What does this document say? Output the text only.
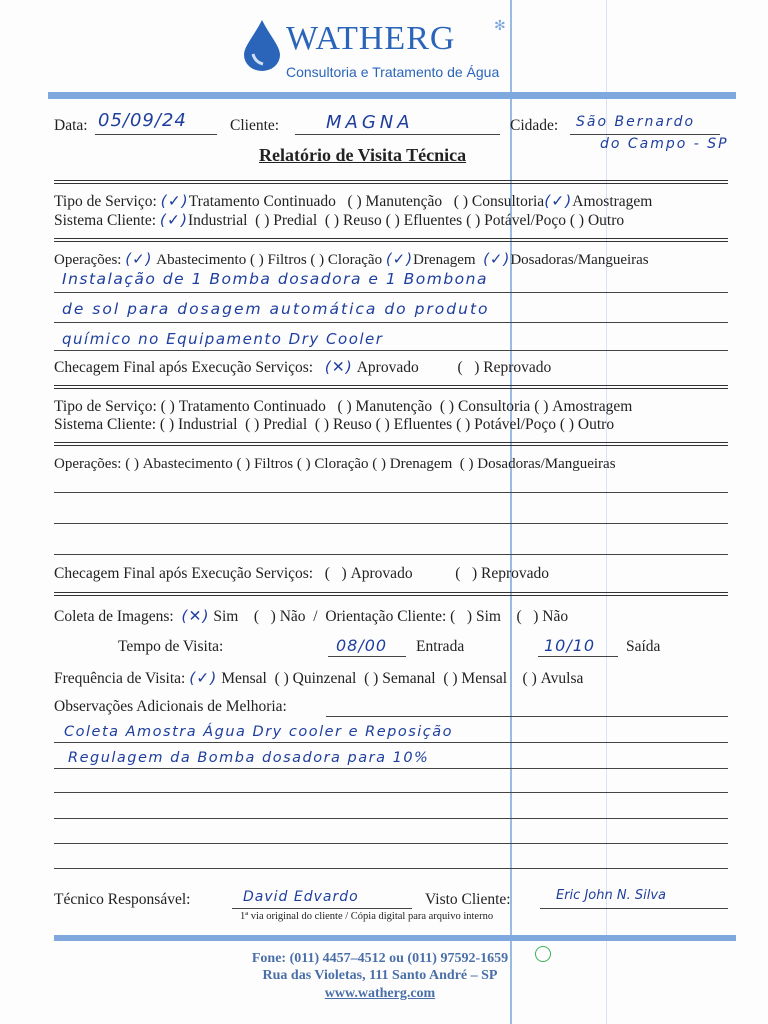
WATHERG	✻
Consultoria e Tratamento de Água
Data: 05/09/24	Cliente:	MAGNA	Cidade: São Bernardo
do Campo - SP
Relatório de Visita Técnica
Tipo de Serviço: (✓)Tratamento Continuado   ( ) Manutenção   ( ) Consultoria(✓)Amostragem
Sistema Cliente: (✓)Industrial  ( ) Predial  ( ) Reuso ( ) Efluentes ( ) Potável/Poço ( ) Outro
Operações: (✓) Abastecimento ( ) Filtros ( ) Cloração (✓)Drenagem (✓)Dosadoras/Mangueiras
Instalação de 1 Bomba dosadora e 1 Bombona
de sol para dosagem automática do produto
químico no Equipamento Dry Cooler
Checagem Final após Execução Serviços: (✕) Aprovado          (   ) Reprovado
Tipo de Serviço: ( ) Tratamento Continuado   ( ) Manutenção  ( ) Consultoria ( ) Amostragem
Sistema Cliente: ( ) Industrial  ( ) Predial  ( ) Reuso ( ) Efluentes ( ) Potável/Poço ( ) Outro
Operações: ( ) Abastecimento ( ) Filtros ( ) Cloração ( ) Drenagem  ( ) Dosadoras/Mangueiras
Checagem Final após Execução Serviços:   (   ) Aprovado           (   ) Reprovado
Coleta de Imagens: (✕) Sim    (   ) Não  /  Orientação Cliente: (   ) Sim    (   ) Não
Tempo de Visita:	08/00 Entrada	10/10 Saída
Frequência de Visita: (✓) Mensal  ( ) Quinzenal  ( ) Semanal  ( ) Mensal    ( ) Avulsa
Observações Adicionais de Melhoria:
Coleta Amostra Água Dry cooler e Reposição
Regulagem da Bomba dosadora para 10%
Técnico Responsável:	David Edvardo	Visto Cliente:	Eric John N. Silva
1ª via original do cliente / Cópia digital para arquivo interno
Fone: (011) 4457–4512 ou (011) 97592-1659
Rua das Violetas, 111 Santo André – SP
www.watherg.com
